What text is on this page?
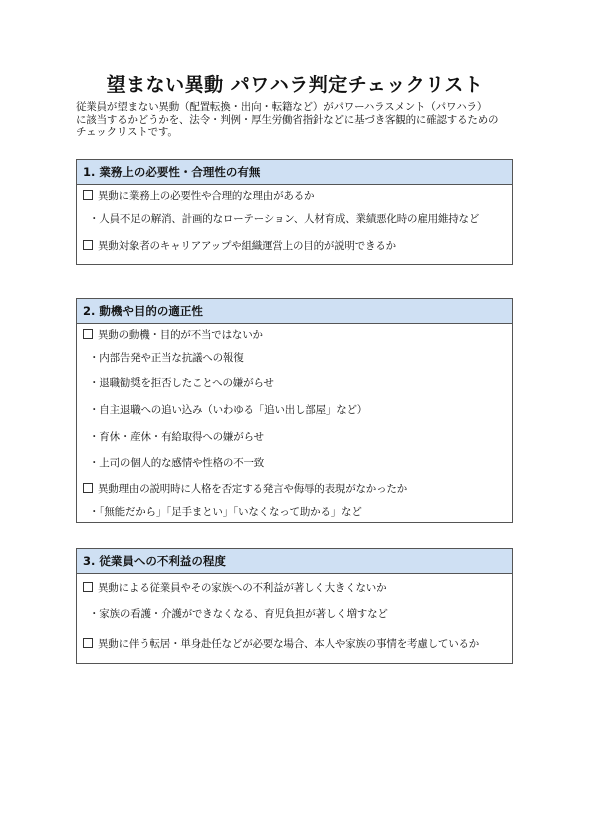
望まない異動 パワハラ判定チェックリスト
従業員が望まない異動（配置転換・出向・転籍など）がパワーハラスメント（パワハラ）
に該当するかどうかを、法令・判例・厚生労働省指針などに基づき客観的に確認するための
チェックリストです。
1. 業務上の必要性・合理性の有無
異動に業務上の必要性や合理的な理由があるか
・人員不足の解消、計画的なローテーション、人材育成、業績悪化時の雇用維持など
異動対象者のキャリアアップや組織運営上の目的が説明できるか
2. 動機や目的の適正性
異動の動機・目的が不当ではないか
・内部告発や正当な抗議への報復
・退職勧奨を拒否したことへの嫌がらせ
・自主退職への追い込み（いわゆる「追い出し部屋」など）
・育休・産休・有給取得への嫌がらせ
・上司の個人的な感情や性格の不一致
異動理由の説明時に人格を否定する発言や侮辱的表現がなかったか
・「無能だから」「足手まとい」「いなくなって助かる」など
3. 従業員への不利益の程度
異動による従業員やその家族への不利益が著しく大きくないか
・家族の看護・介護ができなくなる、育児負担が著しく増すなど
異動に伴う転居・単身赴任などが必要な場合、本人や家族の事情を考慮しているか
